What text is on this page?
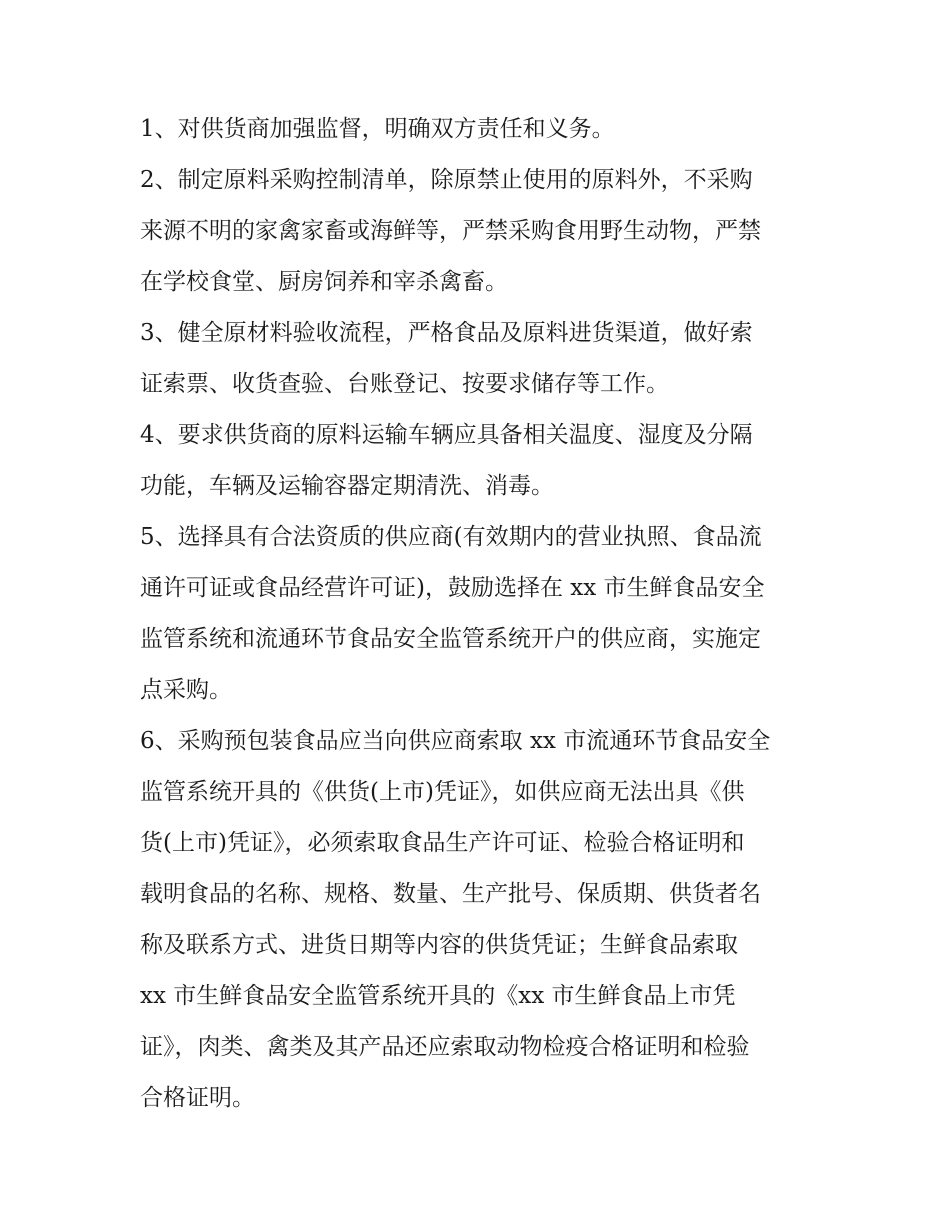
1、对供货商加强监督，明确双方责任和义务。
2、制定原料采购控制清单，除原禁止使用的原料外，不采购
来源不明的家禽家畜或海鲜等，严禁采购食用野生动物，严禁
在学校食堂、厨房饲养和宰杀禽畜。
3、健全原材料验收流程，严格食品及原料进货渠道，做好索
证索票、收货查验、台账登记、按要求储存等工作。
4、要求供货商的原料运输车辆应具备相关温度、湿度及分隔
功能，车辆及运输容器定期清洗、消毒。
5、选择具有合法资质的供应商(有效期内的营业执照、食品流
通许可证或食品经营许可证)，鼓励选择在 xx 市生鲜食品安全
监管系统和流通环节食品安全监管系统开户的供应商，实施定
点采购。
6、采购预包装食品应当向供应商索取 xx 市流通环节食品安全
监管系统开具的《供货(上市)凭证》，如供应商无法出具《供
货(上市)凭证》，必须索取食品生产许可证、检验合格证明和
载明食品的名称、规格、数量、生产批号、保质期、供货者名
称及联系方式、进货日期等内容的供货凭证；生鲜食品索取
xx 市生鲜食品安全监管系统开具的《xx 市生鲜食品上市凭
证》，肉类、禽类及其产品还应索取动物检疫合格证明和检验
合格证明。
